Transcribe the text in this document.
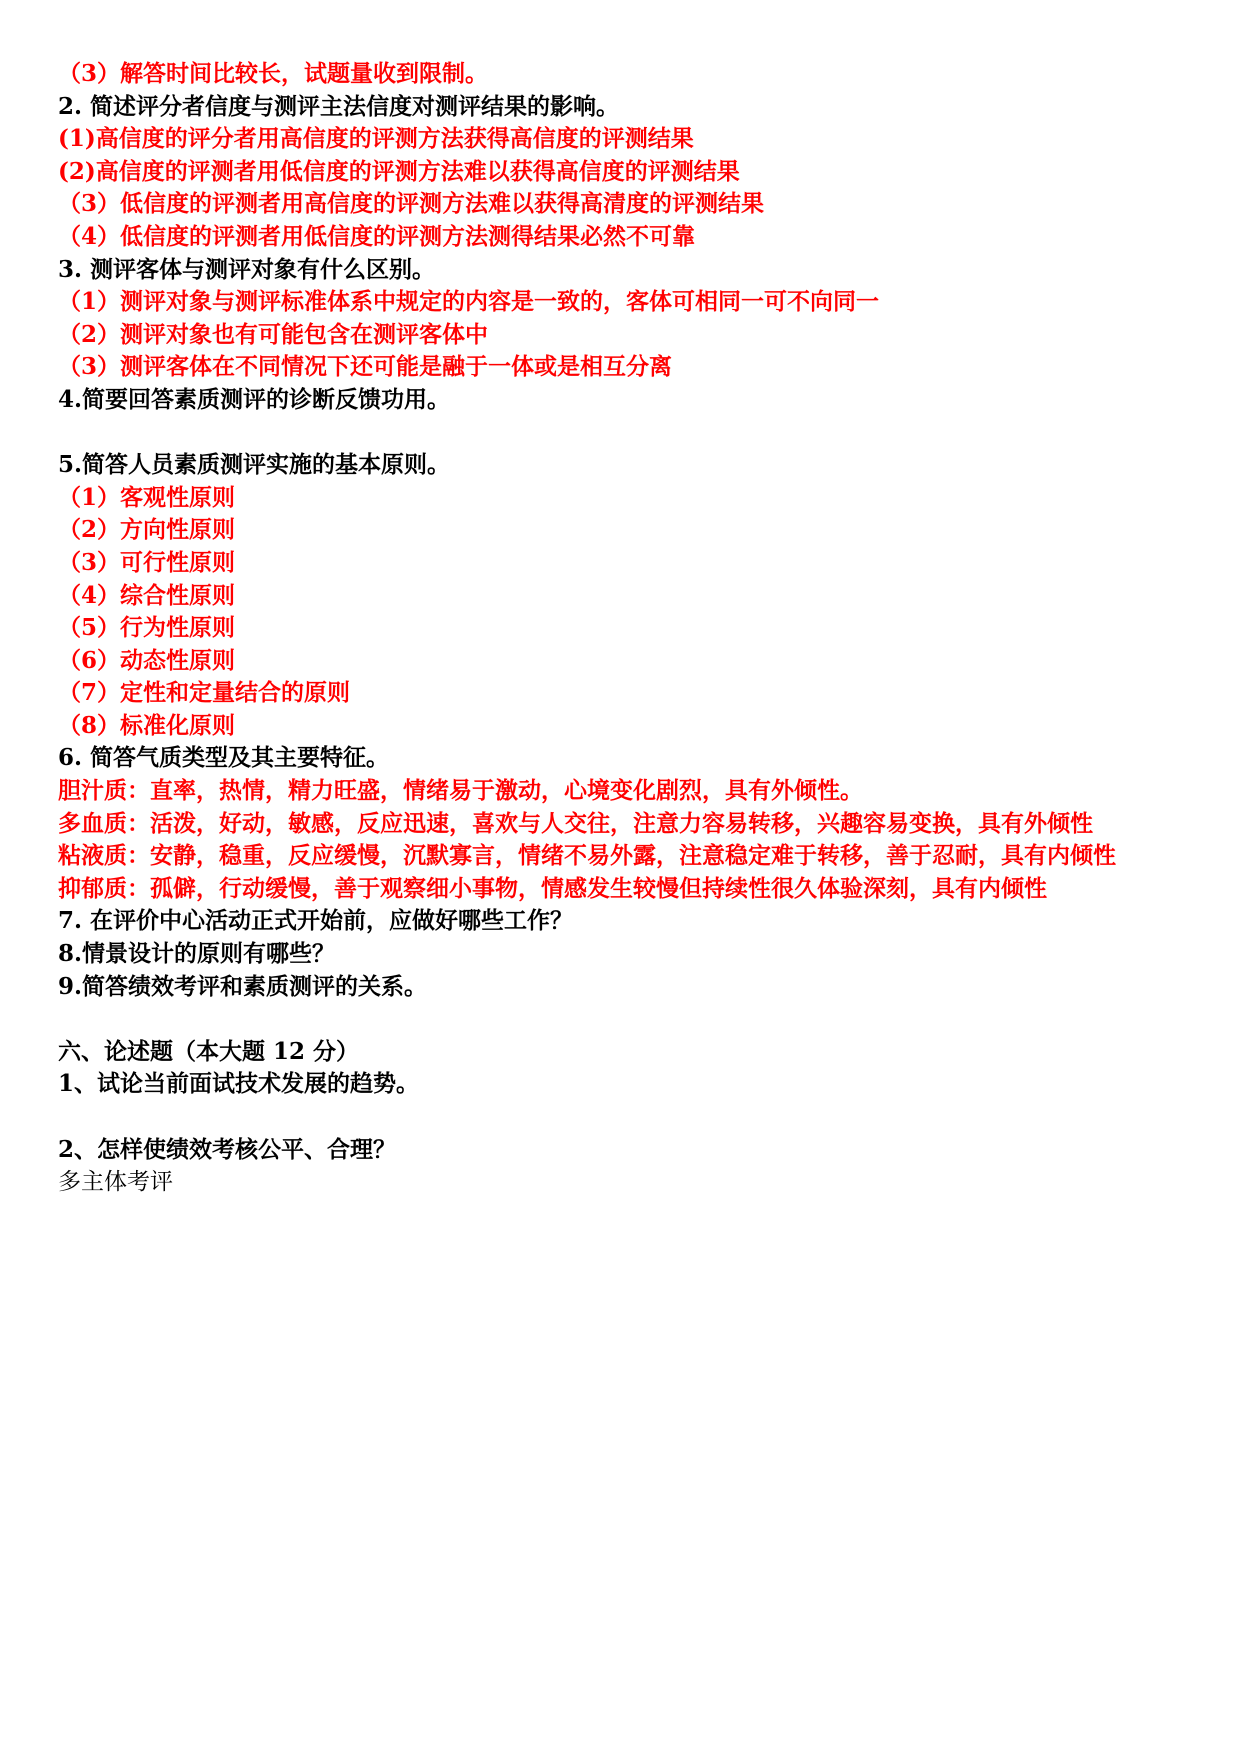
（3）解答时间比较长，试题量收到限制。
2. 简述评分者信度与测评主法信度对测评结果的影响。
(1)高信度的评分者用高信度的评测方法获得高信度的评测结果
(2)高信度的评测者用低信度的评测方法难以获得高信度的评测结果
（3）低信度的评测者用高信度的评测方法难以获得高清度的评测结果
（4）低信度的评测者用低信度的评测方法测得结果必然不可靠
3. 测评客体与测评对象有什么区别。
（1）测评对象与测评标准体系中规定的内容是一致的，客体可相同一可不向同一
（2）测评对象也有可能包含在测评客体中
（3）测评客体在不同情况下还可能是融于一体或是相互分离
4.简要回答素质测评的诊断反馈功用。
5.简答人员素质测评实施的基本原则。
（1）客观性原则
（2）方向性原则
（3）可行性原则
（4）综合性原则
（5）行为性原则
（6）动态性原则
（7）定性和定量结合的原则
（8）标准化原则
6. 简答气质类型及其主要特征。
胆汁质：直率，热情，精力旺盛，情绪易于激动，心境变化剧烈，具有外倾性。
多血质：活泼，好动，敏感，反应迅速，喜欢与人交往，注意力容易转移，兴趣容易变换，具有外倾性
粘液质：安静，稳重，反应缓慢，沉默寡言，情绪不易外露，注意稳定难于转移，善于忍耐，具有内倾性
抑郁质：孤僻，行动缓慢，善于观察细小事物，情感发生较慢但持续性很久体验深刻，具有内倾性
7. 在评价中心活动正式开始前，应做好哪些工作？
8.情景设计的原则有哪些？
9.简答绩效考评和素质测评的关系。
六、论述题（本大题 12 分）
1、试论当前面试技术发展的趋势。
2、怎样使绩效考核公平、合理？
多主体考评
